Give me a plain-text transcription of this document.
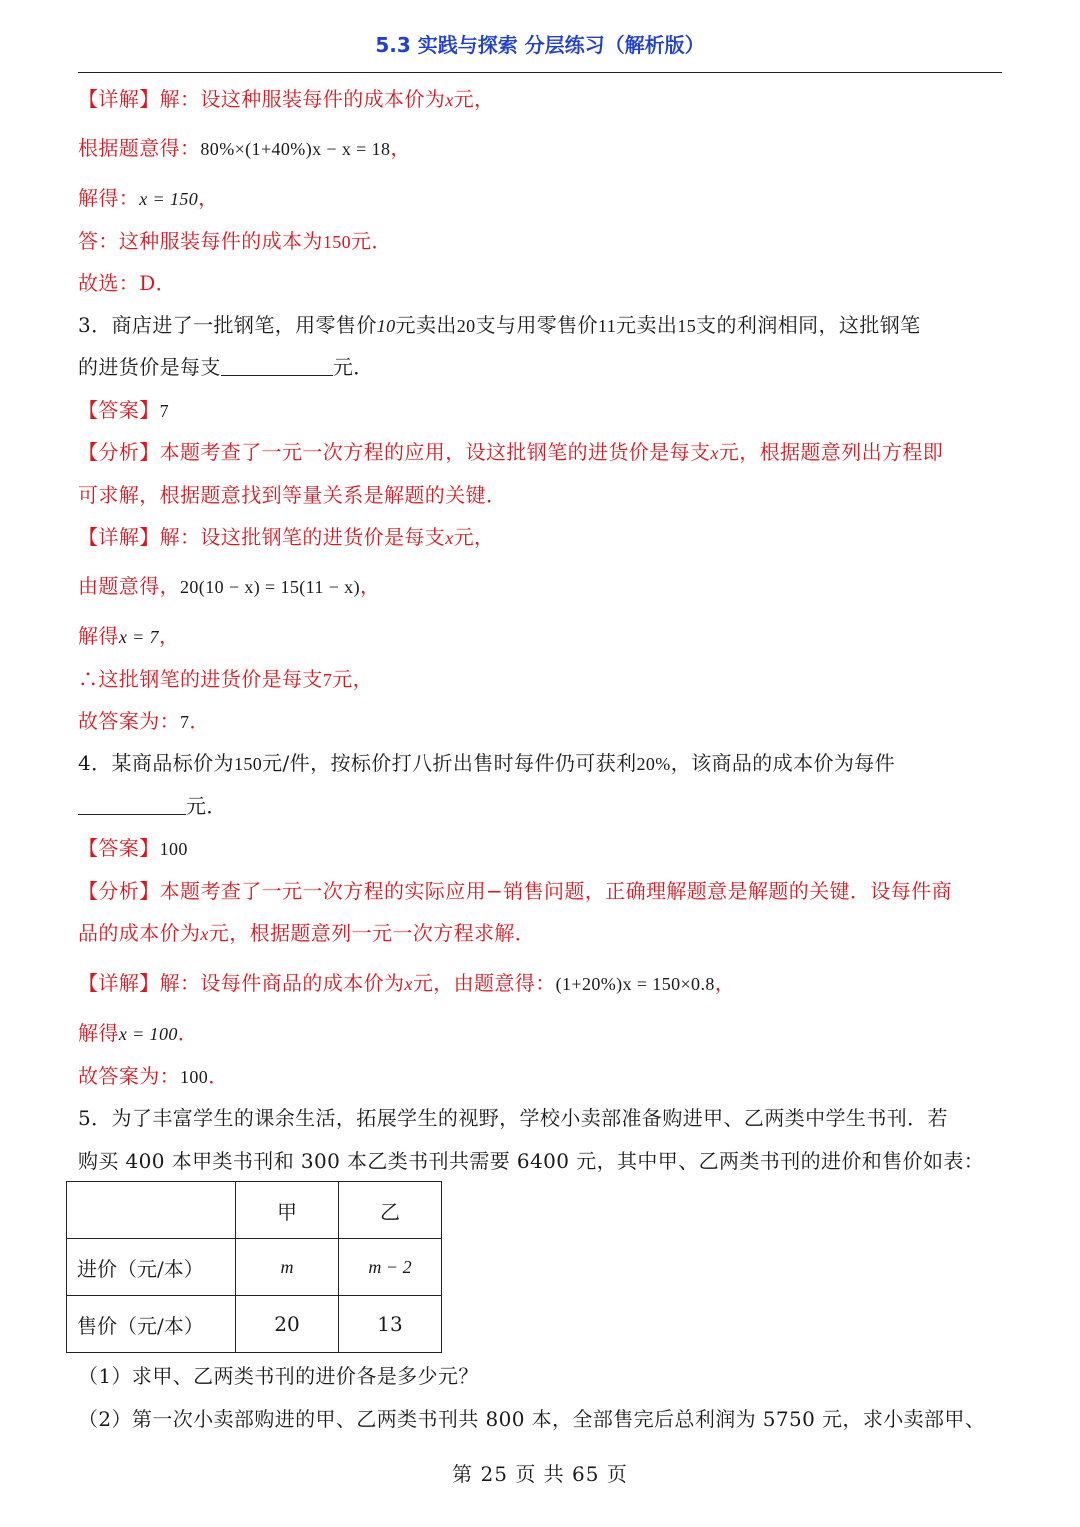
5.3 实践与探索 分层练习（解析版）
【详解】解：设这种服装每件的成本价为x元，
根据题意得：80%×(1+40%)x − x = 18，
解得：x = 150，
答：这种服装每件的成本为150元．
故选：D．
3．商店进了一批钢笔，用零售价10元卖出20支与用零售价11元卖出15支的利润相同，这批钢笔
的进货价是每支	元．
【答案】7
【分析】本题考查了一元一次方程的应用，设这批钢笔的进货价是每支x元，根据题意列出方程即
可求解，根据题意找到等量关系是解题的关键．
【详解】解：设这批钢笔的进货价是每支x元，
由题意得，20(10 − x) = 15(11 − x)，
解得x = 7，
∴这批钢笔的进货价是每支7元，
故答案为：7．
4．某商品标价为150元/件，按标价打八折出售时每件仍可获利20%，该商品的成本价为每件
元．
【答案】100
【分析】本题考查了一元一次方程的实际应用−销售问题，正确理解题意是解题的关键．设每件商
品的成本价为x元，根据题意列一元一次方程求解．
【详解】解：设每件商品的成本价为x元，由题意得：(1+20%)x = 150×0.8，
解得x = 100．
故答案为：100．
5．为了丰富学生的课余生活，拓展学生的视野，学校小卖部准备购进甲、乙两类中学生书刊．若
购买 400 本甲类书刊和 300 本乙类书刊共需要 6400 元，其中甲、乙两类书刊的进价和售价如表：
	甲	乙
进价（元/本）	m	m − 2
售价（元/本）	20	13
（1）求甲、乙两类书刊的进价各是多少元？
（2）第一次小卖部购进的甲、乙两类书刊共 800 本，全部售完后总利润为 5750 元，求小卖部甲、
第 25 页 共 65 页
